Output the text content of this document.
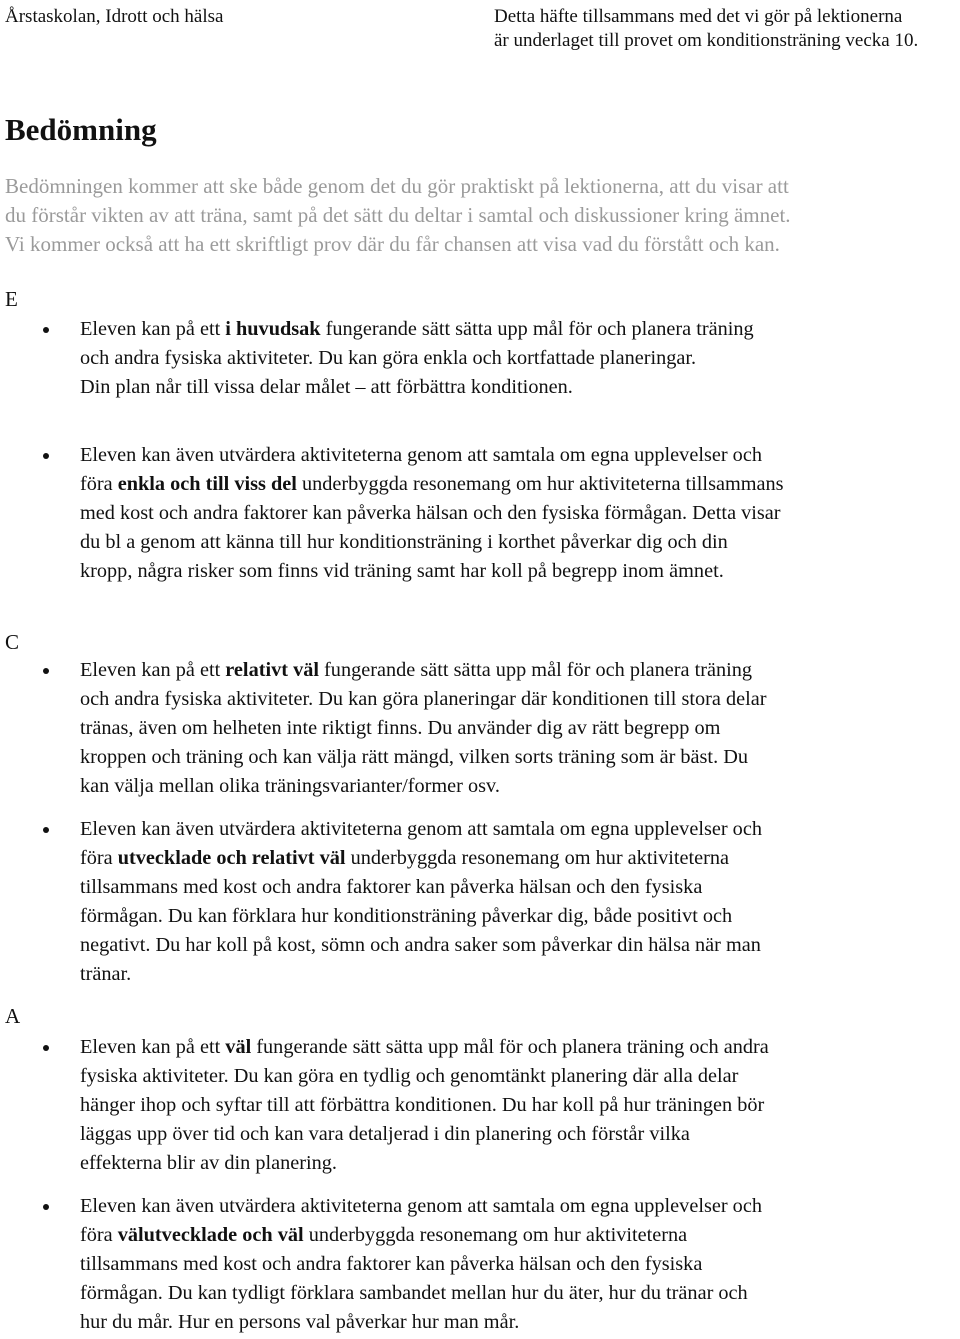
Årstaskolan, Idrott och hälsa	Detta häfte tillsammans med det vi gör på lektionerna
är underlaget till provet om konditionsträning vecka 10.
Bedömning
Bedömningen kommer att ske både genom det du gör praktiskt på lektionerna, att du visar att
du förstår vikten av att träna, samt på det sätt du deltar i samtal och diskussioner kring ämnet.
Vi kommer också att ha ett skriftligt prov där du får chansen att visa vad du förstått och kan.
E
Eleven kan på ett i huvudsak fungerande sätt sätta upp mål för och planera träning
och andra fysiska aktiviteter. Du kan göra enkla och kortfattade planeringar.
Din plan når till vissa delar målet – att förbättra konditionen.
Eleven kan även utvärdera aktiviteterna genom att samtala om egna upplevelser och
föra enkla och till viss del underbyggda resonemang om hur aktiviteterna tillsammans
med kost och andra faktorer kan påverka hälsan och den fysiska förmågan. Detta visar
du bl a genom att känna till hur konditionsträning i korthet påverkar dig och din
kropp, några risker som finns vid träning samt har koll på begrepp inom ämnet.
C
Eleven kan på ett relativt väl fungerande sätt sätta upp mål för och planera träning
och andra fysiska aktiviteter. Du kan göra planeringar där konditionen till stora delar
tränas, även om helheten inte riktigt finns. Du använder dig av rätt begrepp om
kroppen och träning och kan välja rätt mängd, vilken sorts träning som är bäst. Du
kan välja mellan olika träningsvarianter/former osv.
Eleven kan även utvärdera aktiviteterna genom att samtala om egna upplevelser och
föra utvecklade och relativt väl underbyggda resonemang om hur aktiviteterna
tillsammans med kost och andra faktorer kan påverka hälsan och den fysiska
förmågan. Du kan förklara hur konditionsträning påverkar dig, både positivt och
negativt. Du har koll på kost, sömn och andra saker som påverkar din hälsa när man
tränar.
A
Eleven kan på ett väl fungerande sätt sätta upp mål för och planera träning och andra
fysiska aktiviteter. Du kan göra en tydlig och genomtänkt planering där alla delar
hänger ihop och syftar till att förbättra konditionen. Du har koll på hur träningen bör
läggas upp över tid och kan vara detaljerad i din planering och förstår vilka
effekterna blir av din planering.
Eleven kan även utvärdera aktiviteterna genom att samtala om egna upplevelser och
föra välutvecklade och väl underbyggda resonemang om hur aktiviteterna
tillsammans med kost och andra faktorer kan påverka hälsan och den fysiska
förmågan. Du kan tydligt förklara sambandet mellan hur du äter, hur du tränar och
hur du mår. Hur en persons val påverkar hur man mår.
